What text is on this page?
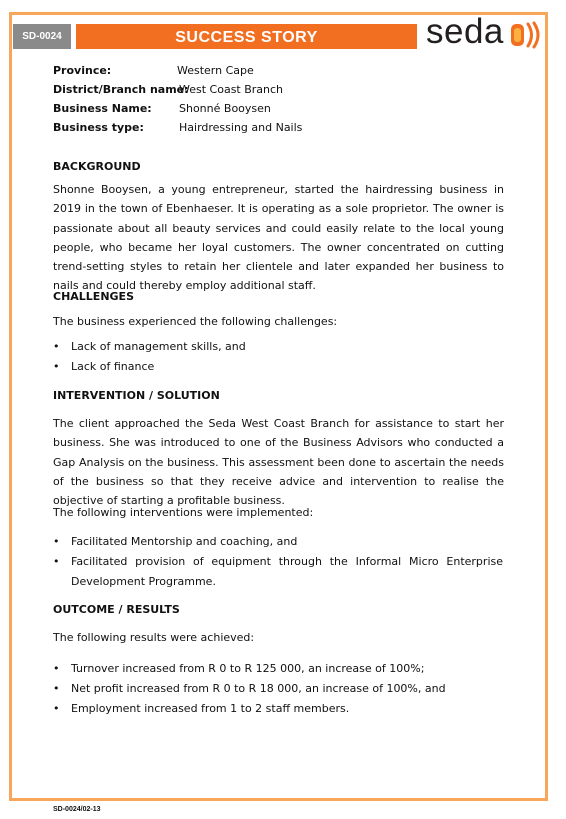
SD-0024	SUCCESS STORY	seda
Province:	Western Cape
District/Branch name:
West Coast Branch
Business Name: Shonné Booysen
Business type:	Hairdressing and Nails
BACKGROUND
Shonne Booysen, a young entrepreneur, started the hairdressing business in 2019 in the town of Ebenhaeser. It is operating as a sole proprietor. The owner is passionate about all beauty services and could easily relate to the local young people, who became her loyal customers. The owner concentrated on cutting trend-setting styles to retain her clientele and later expanded her business to nails and could thereby employ additional staff.
CHALLENGES
The business experienced the following challenges:
• Lack of management skills, and
• Lack of finance
INTERVENTION / SOLUTION
The client approached the Seda West Coast Branch for assistance to start her business. She was introduced to one of the Business Advisors who conducted a Gap Analysis on the business. This assessment been done to ascertain the needs of the business so that they receive advice and intervention to realise the objective of starting a profitable business.
The following interventions were implemented:
• Facilitated Mentorship and coaching, and
• Facilitated provision of equipment through the Informal Micro Enterprise Development Programme.
OUTCOME / RESULTS
The following results were achieved:
• Turnover increased from R 0 to R 125 000, an increase of 100%;
• Net profit increased from R 0 to R 18 000, an increase of 100%, and
• Employment increased from 1 to 2 staff members.
SD-0024/02-13
